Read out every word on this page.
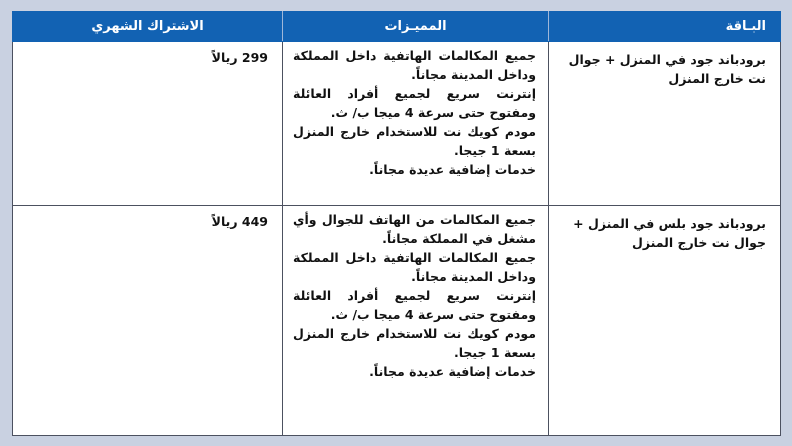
البـاقة	المميـزات	الاشتراك الشهري
برودباند جود في المنزل + جوال نت خارج المنزل	جميع المكالمات الهاتفية داخل المملكة وداخل المدينة مجاناً.
إنترنت سريع لجميع أفراد العائلة ومفتوح حتى سرعة 4 ميجا ب/ ث.
مودم كويك نت للاستخدام خارج المنزل بسعة 1 جيجا.
خدمات إضافية عديدة مجاناً.	299 ريالاً
برودباند جود بلس في المنزل + جوال نت خارج المنزل	جميع المكالمات من الهاتف للجوال وأي مشغل في المملكة مجاناً.
جميع المكالمات الهاتفية داخل المملكة وداخل المدينة مجاناً.
إنترنت سريع لجميع أفراد العائلة ومفتوح حتى سرعة 4 ميجا ب/ ث.
مودم كويك نت للاستخدام خارج المنزل بسعة 1 جيجا.
خدمات إضافية عديدة مجاناً.	449 ريالاً
